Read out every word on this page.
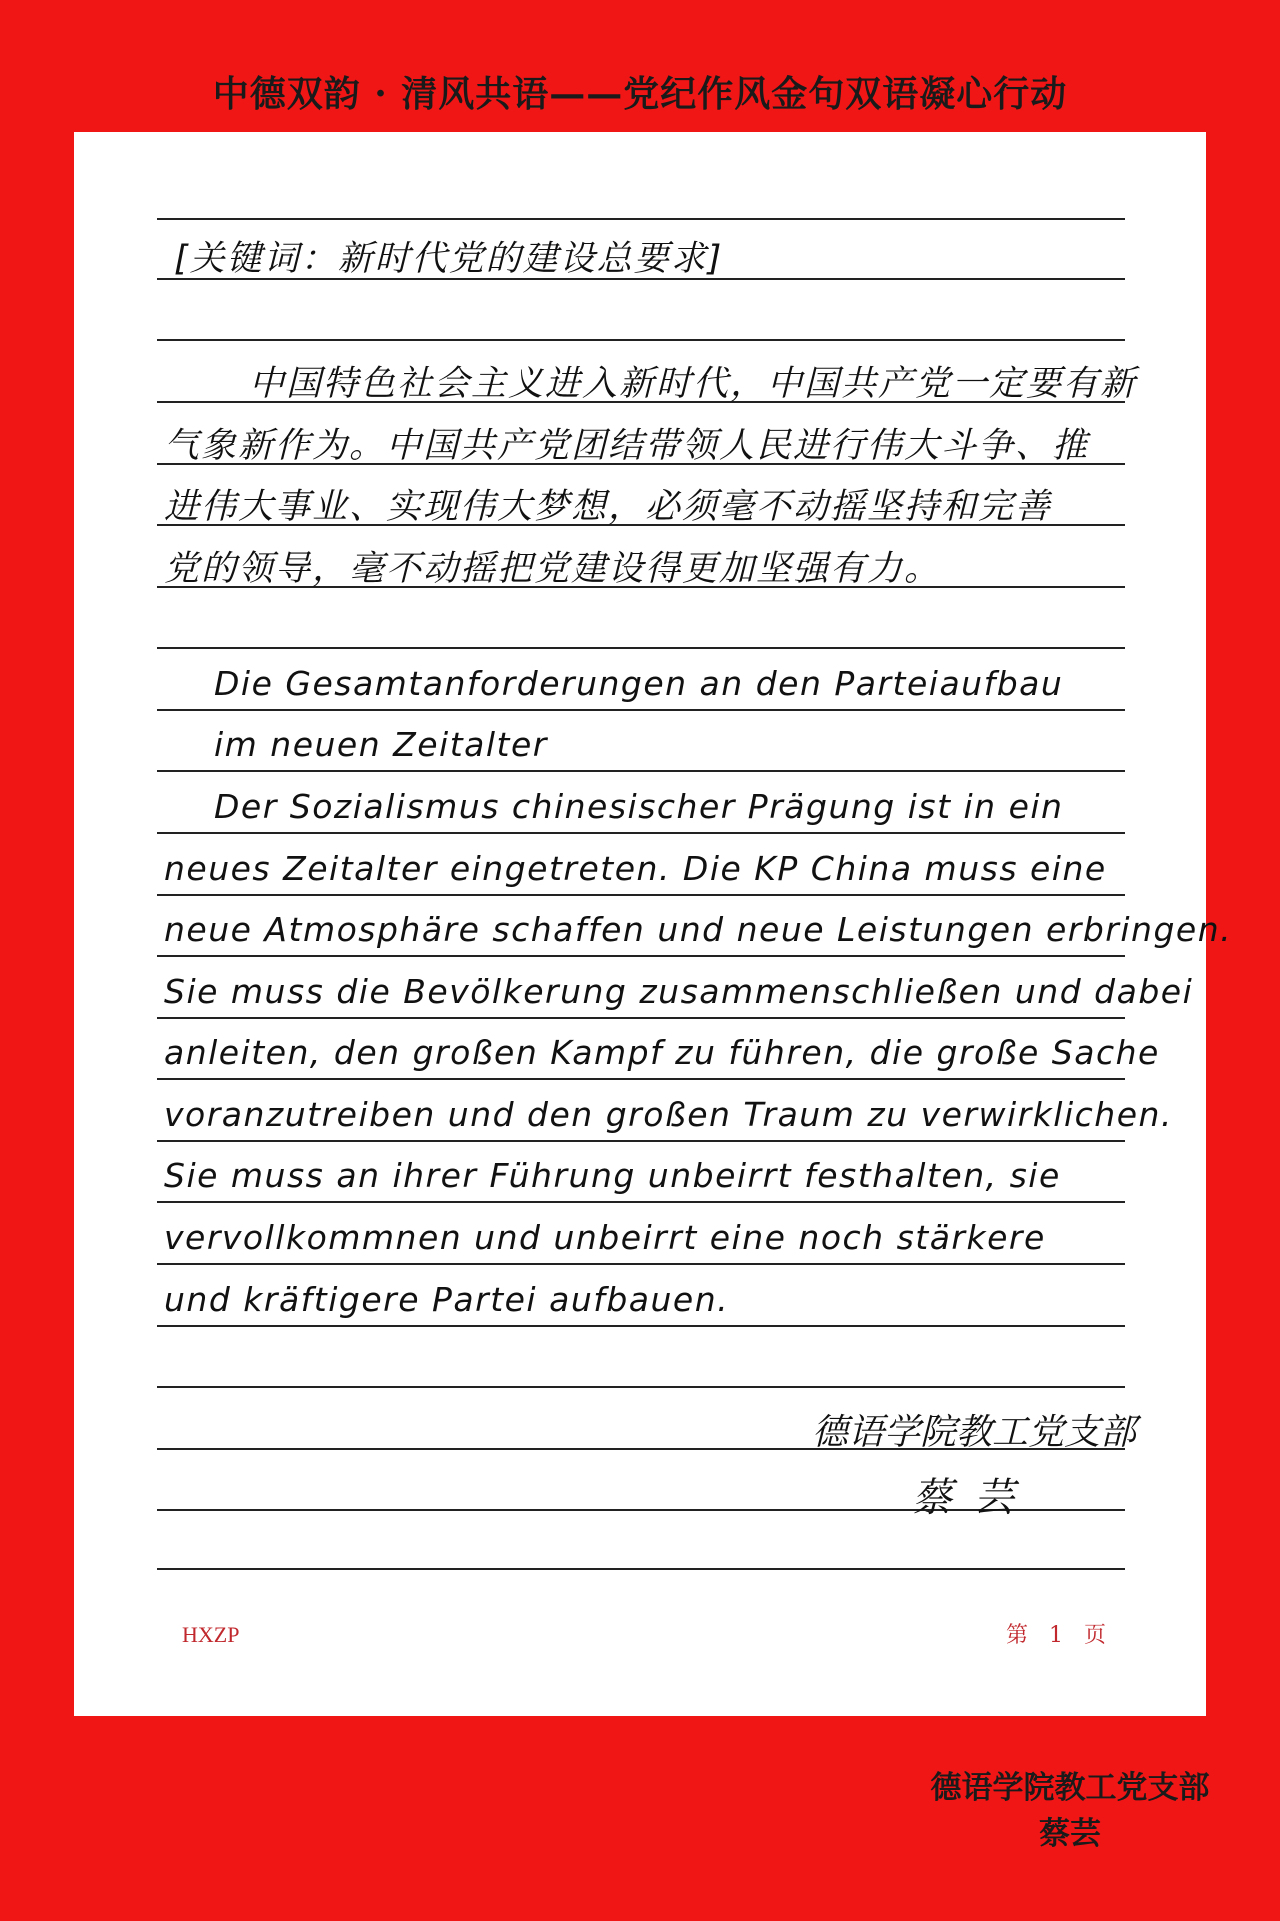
中德双韵 · 清风共语——党纪作风金句双语凝心行动
[关键词：新时代党的建设总要求]
中国特色社会主义进入新时代，中国共产党一定要有新
气象新作为。中国共产党团结带领人民进行伟大斗争、推
进伟大事业、实现伟大梦想，必须毫不动摇坚持和完善
党的领导，毫不动摇把党建设得更加坚强有力。
Die Gesamtanforderungen an den Parteiaufbau
im neuen Zeitalter
Der Sozialismus chinesischer Prägung ist in ein
neues Zeitalter eingetreten. Die KP China muss eine
neue Atmosphäre schaffen und neue Leistungen erbringen.
Sie muss die Bevölkerung zusammenschließen und dabei
anleiten, den großen Kampf zu führen, die große Sache
voranzutreiben und den großen Traum zu verwirklichen.
Sie muss an ihrer Führung unbeirrt festhalten, sie
vervollkommnen und unbeirrt eine noch stärkere
und kräftigere Partei aufbauen.
德语学院教工党支部
蔡芸
HXZP	第 1 页
德语学院教工党支部
蔡芸
